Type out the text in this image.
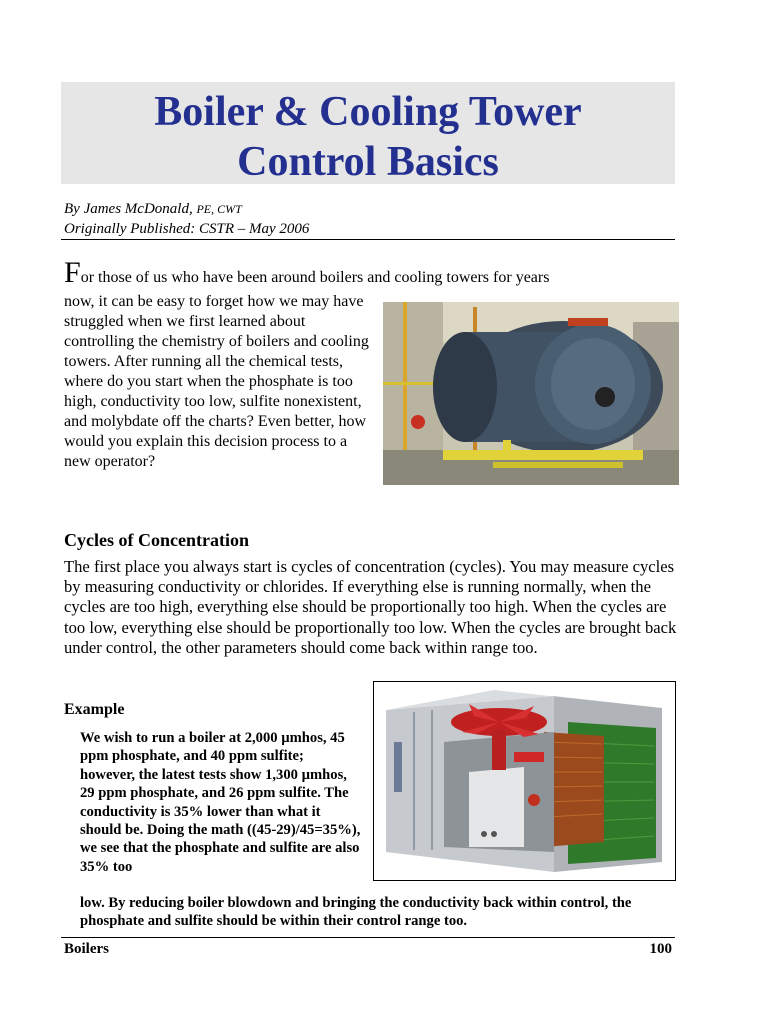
Boiler & Cooling Tower
Control Basics
By James McDonald, PE, CWT
Originally Published: CSTR – May 2006
For those of us who have been around boilers and cooling towers for years
now, it can be easy to forget how we may have struggled when we first learned about controlling the chemistry of boilers and cooling towers. After running all the chemical tests, where do you start when the phosphate is too high, conductivity too low, sulfite nonexistent, and molybdate off the charts? Even better, how would you explain this decision process to a new operator?
Cycles of Concentration
The first place you always start is cycles of concentration (cycles). You may measure cycles by measuring conductivity or chlorides. If everything else is running normally, when the cycles are too high, everything else should be proportionally too high. When the cycles are too low, everything else should be proportionally too low. When the cycles are brought back under control, the other parameters should come back within range too.
Example
We wish to run a boiler at 2,000 µmhos, 45 ppm phosphate, and 40 ppm sulfite; however, the latest tests show 1,300 µmhos, 29 ppm phosphate, and 26 ppm sulfite. The conductivity is 35% lower than what it should be. Doing the math ((45-29)/45=35%), we see that the phosphate and sulfite are also 35% too
low. By reducing boiler blowdown and bringing the conductivity back within control, the phosphate and sulfite should be within their control range too.
Boilers	100
